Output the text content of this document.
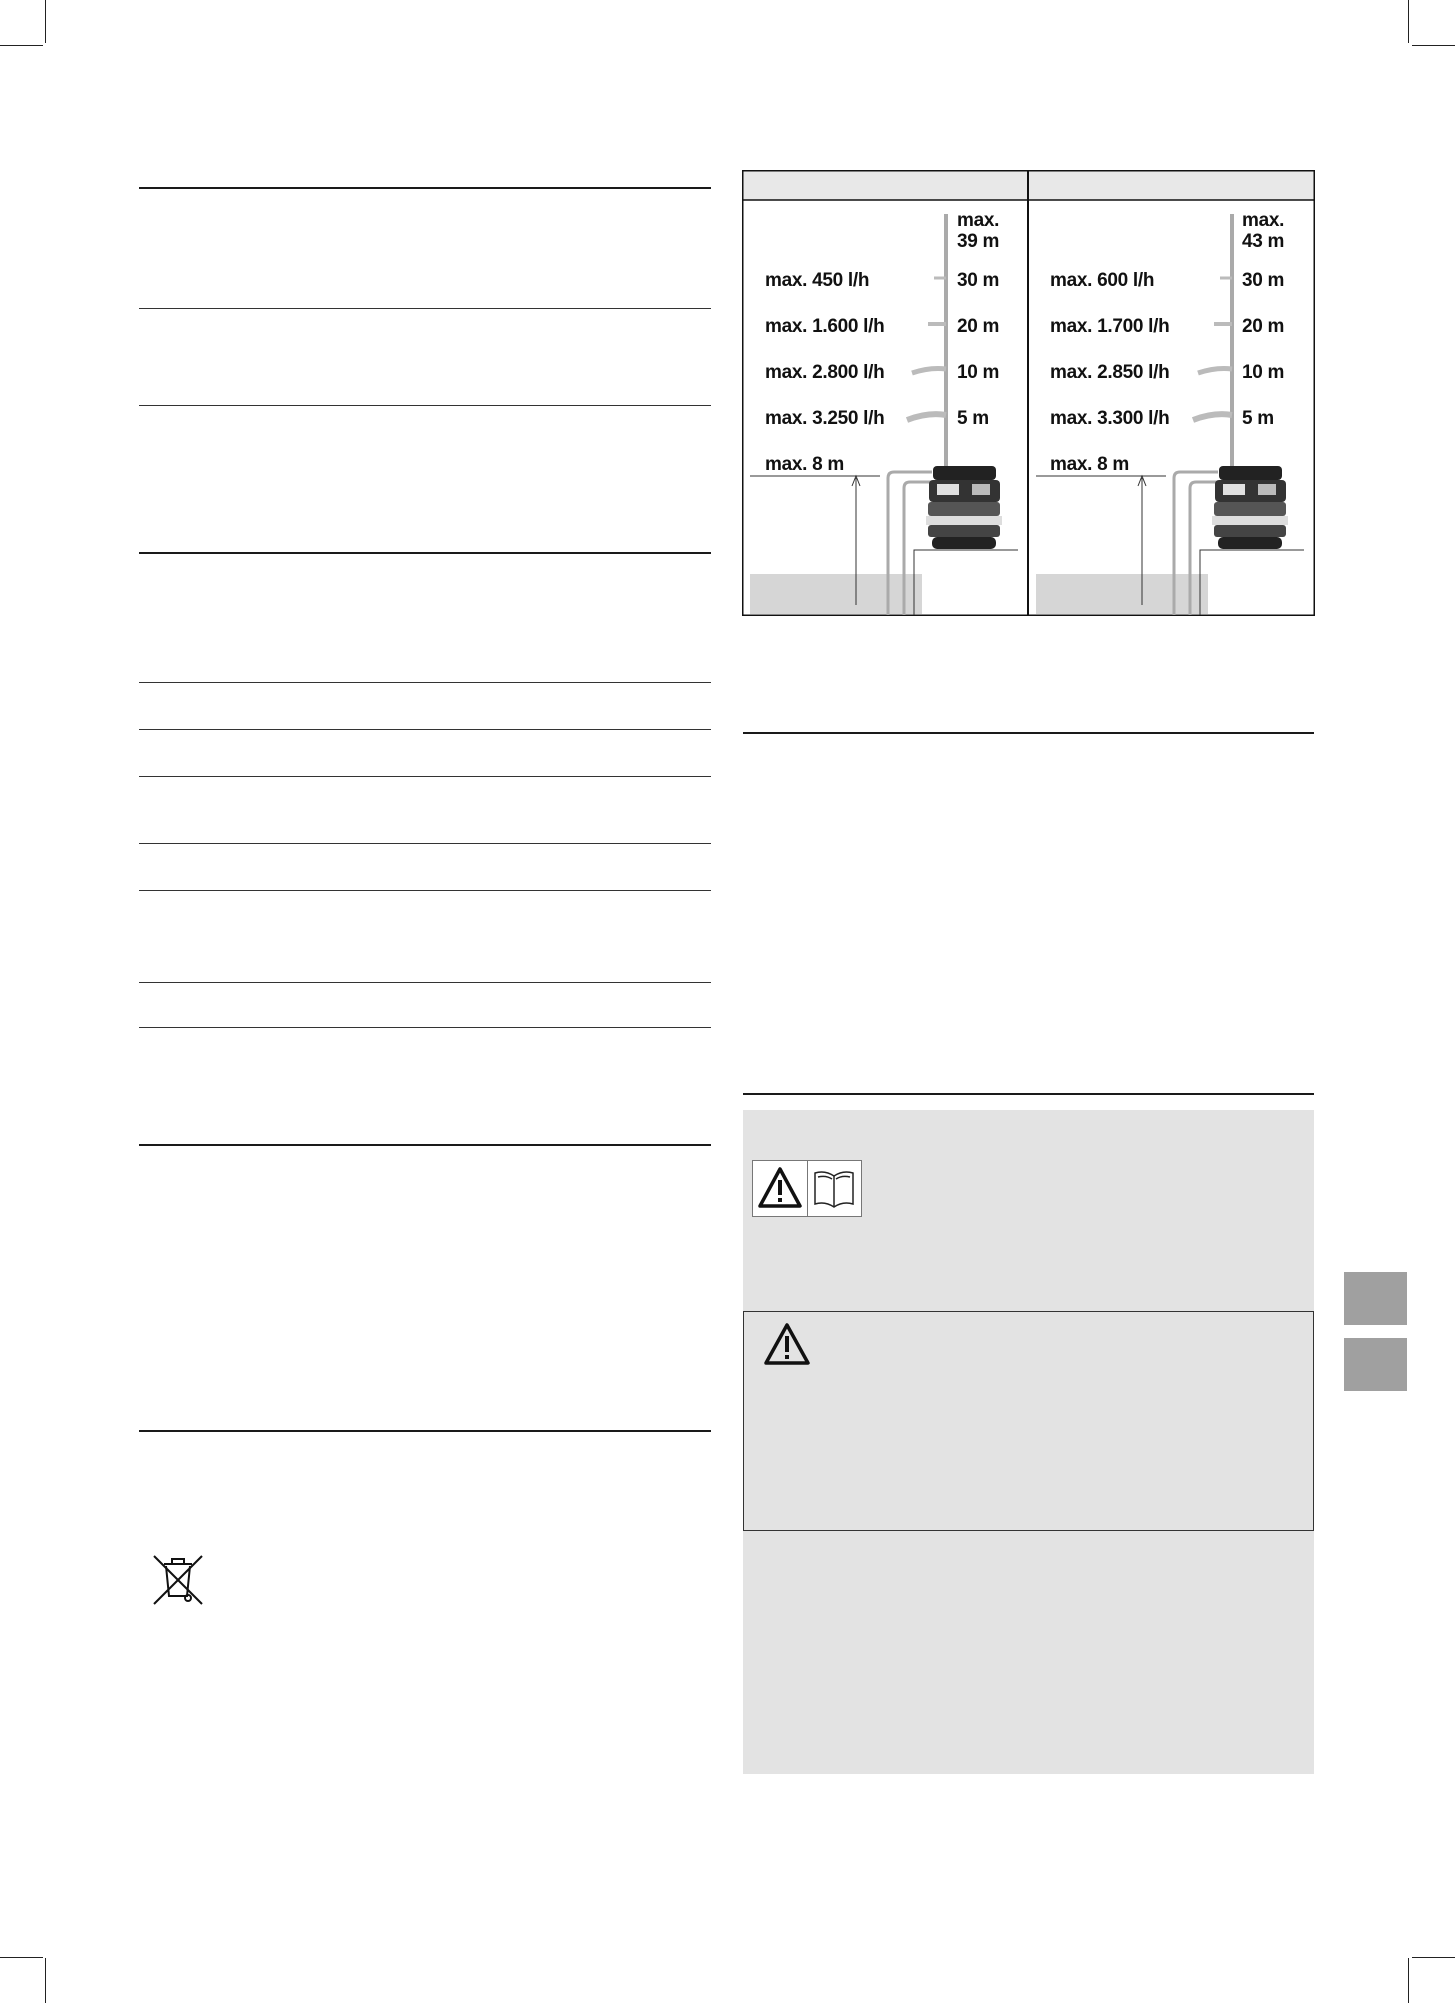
max.
39 m
max. 450 l/h	30 m
max. 1.600 l/h	20 m
max. 2.800 l/h	10 m
max. 3.250 l/h	5 m
max. 8 m
max.
43 m
max. 600 l/h	30 m
max. 1.700 l/h	20 m
max. 2.850 l/h	10 m
max. 3.300 l/h	5 m
max. 8 m
